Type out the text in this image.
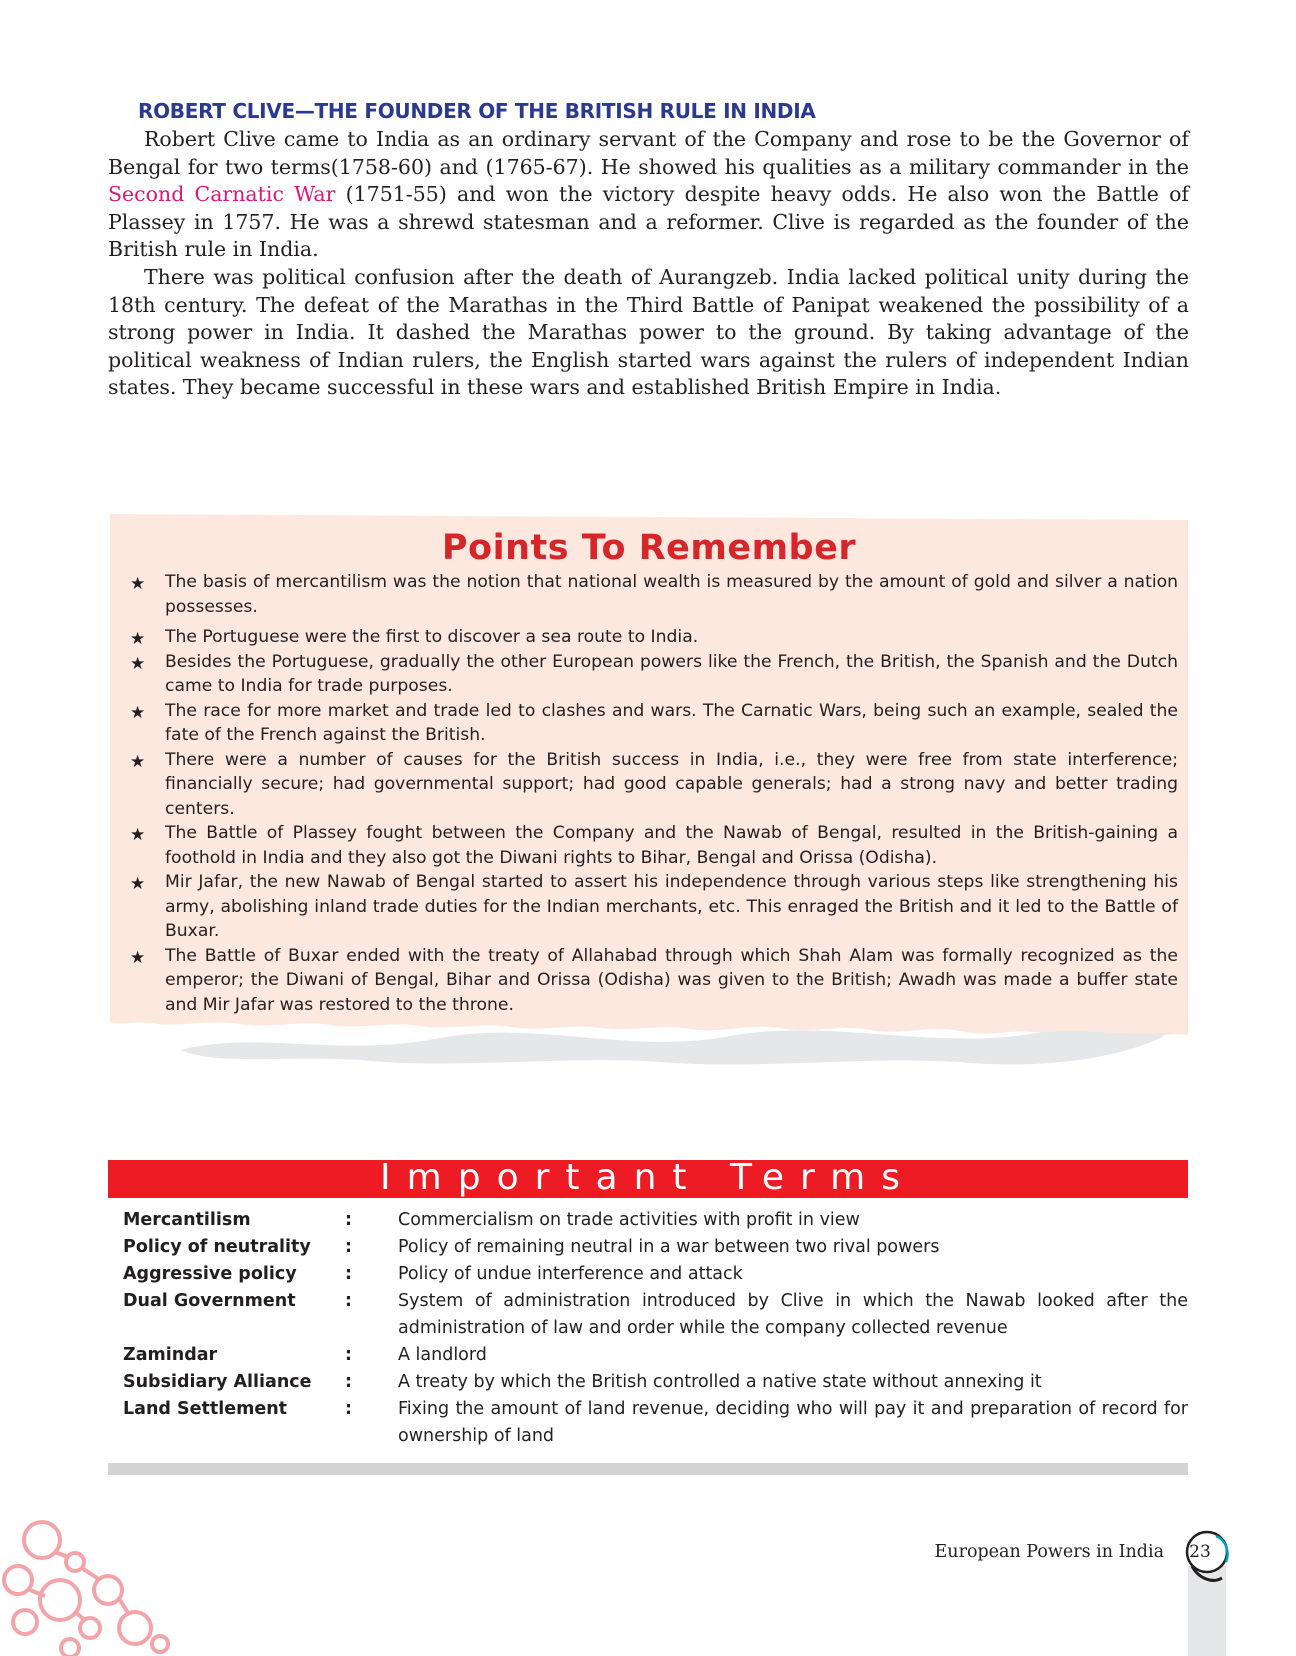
ROBERT CLIVE—THE FOUNDER OF THE BRITISH RULE IN INDIA

Robert Clive came to India as an ordinary servant of the Company and rose to be the Governor of Bengal for two terms(1758-60) and (1765-67). He showed his qualities as a military commander in the Second Carnatic War (1751-55) and won the victory despite heavy odds. He also won the Battle of Plassey in 1757. He was a shrewd statesman and a reformer. Clive is regarded as the founder of the British rule in India.

There was political confusion after the death of Aurangzeb. India lacked political unity during the 18th century. The defeat of the Marathas in the Third Battle of Panipat weakened the possibility of a strong power in India. It dashed the Marathas power to the ground. By taking advantage of the political weakness of Indian rulers, the English started wars against the rulers of independent Indian states. They became successful in these wars and established British Empire in India.

Points To Remember
★ The basis of mercantilism was the notion that national wealth is measured by the amount of gold and silver a nation possesses.
★ The Portuguese were the first to discover a sea route to India.
★ Besides the Portuguese, gradually the other European powers like the French, the British, the Spanish and the Dutch came to India for trade purposes.
★ The race for more market and trade led to clashes and wars. The Carnatic Wars, being such an example, sealed the fate of the French against the British.
★ There were a number of causes for the British success in India, i.e., they were free from state interference; financially secure; had governmental support; had good capable generals; had a strong navy and better trading centers.
★ The Battle of Plassey fought between the Company and the Nawab of Bengal, resulted in the British-gaining a foothold in India and they also got the Diwani rights to Bihar, Bengal and Orissa (Odisha).
★ Mir Jafar, the new Nawab of Bengal started to assert his independence through various steps like strengthening his army, abolishing inland trade duties for the Indian merchants, etc. This enraged the British and it led to the Battle of Buxar.
★ The Battle of Buxar ended with the treaty of Allahabad through which Shah Alam was formally recognized as the emperor; the Diwani of Bengal, Bihar and Orissa (Odisha) was given to the British; Awadh was made a buffer state and Mir Jafar was restored to the throne.
Important Terms
Mercantilism	:	Commercialism on trade activities with profit in view
Policy of neutrality :	Policy of remaining neutral in a war between two rival powers
Aggressive policy	:	Policy of undue interference and attack
Dual Government	:	System of administration introduced by Clive in which the Nawab looked after the administration of law and order while the company collected revenue
Zamindar	:	A landlord
Subsidiary Alliance :	A treaty by which the British controlled a native state without annexing it
Land Settlement	:	Fixing the amount of land revenue, deciding who will pay it and preparation of record for ownership of land
European Powers in India	23
